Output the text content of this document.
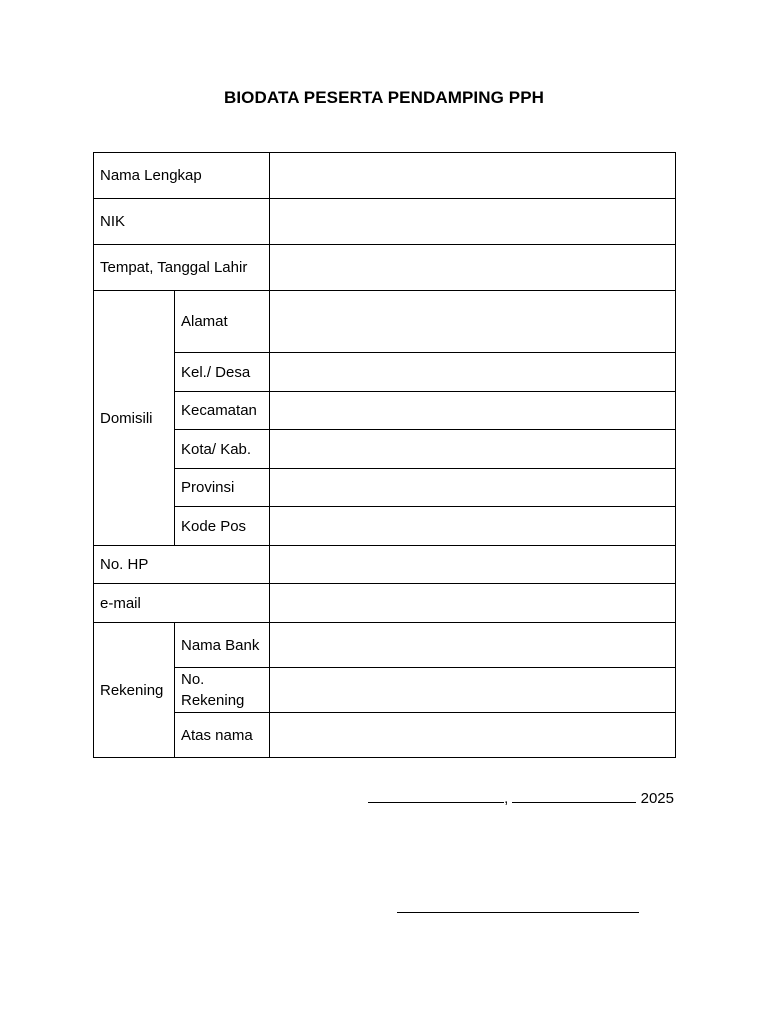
BIODATA PESERTA PENDAMPING PPH
Nama Lengkap		
NIK		
Tempat, Tanggal Lahir		
Domisili	Alamat	
	Kel./ Desa	
	Kecamatan	
	Kota/ Kab.	
	Provinsi	
	Kode Pos	
No. HP		
e-mail		
Rekening	Nama Bank	
	No. Rekening	
	Atas nama	
,	2025
